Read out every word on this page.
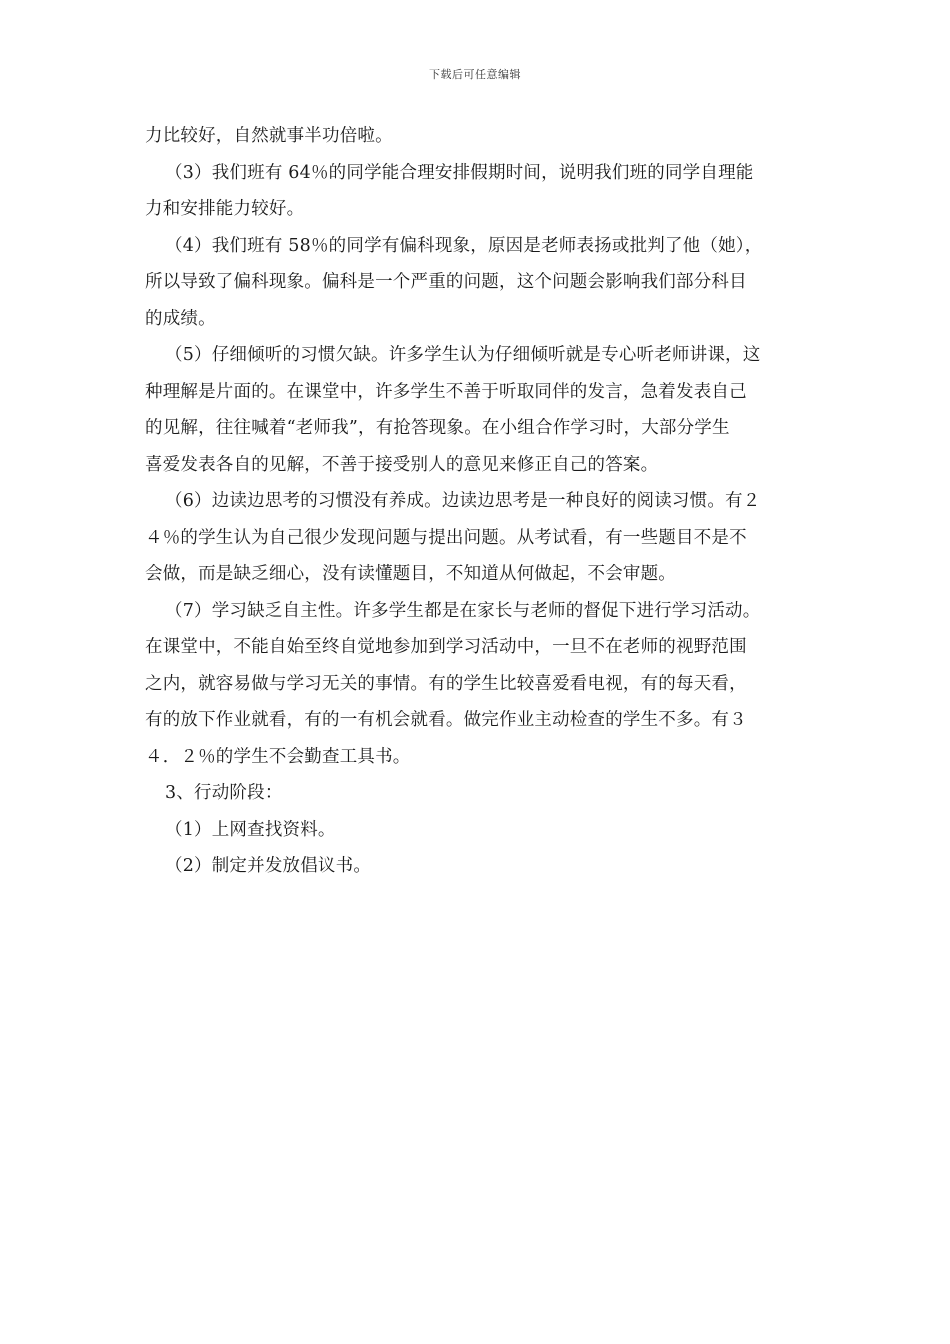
下载后可任意编辑
力比较好，自然就事半功倍啦。
（3）我们班有 64％的同学能合理安排假期时间，说明我们班的同学自理能
力和安排能力较好。
（4）我们班有 58％的同学有偏科现象，原因是老师表扬或批判了他（她），
所以导致了偏科现象。偏科是一个严重的问题，这个问题会影响我们部分科目
的成绩。
（5）仔细倾听的习惯欠缺。许多学生认为仔细倾听就是专心听老师讲课，这
种理解是片面的。在课堂中，许多学生不善于听取同伴的发言，急着发表自己
的见解，往往喊着“老师我”，有抢答现象。在小组合作学习时，大部分学生
喜爱发表各自的见解，不善于接受别人的意见来修正自己的答案。
（6）边读边思考的习惯没有养成。边读边思考是一种良好的阅读习惯。有２
４％的学生认为自己很少发现问题与提出问题。从考试看，有一些题目不是不
会做，而是缺乏细心，没有读懂题目，不知道从何做起，不会审题。
（7）学习缺乏自主性。许多学生都是在家长与老师的督促下进行学习活动。
在课堂中，不能自始至终自觉地参加到学习活动中，一旦不在老师的视野范围
之内，就容易做与学习无关的事情。有的学生比较喜爱看电视，有的每天看，
有的放下作业就看，有的一有机会就看。做完作业主动检查的学生不多。有３
４．２％的学生不会勤查工具书。
3、行动阶段：
（1）上网查找资料。
（2）制定并发放倡议书。
